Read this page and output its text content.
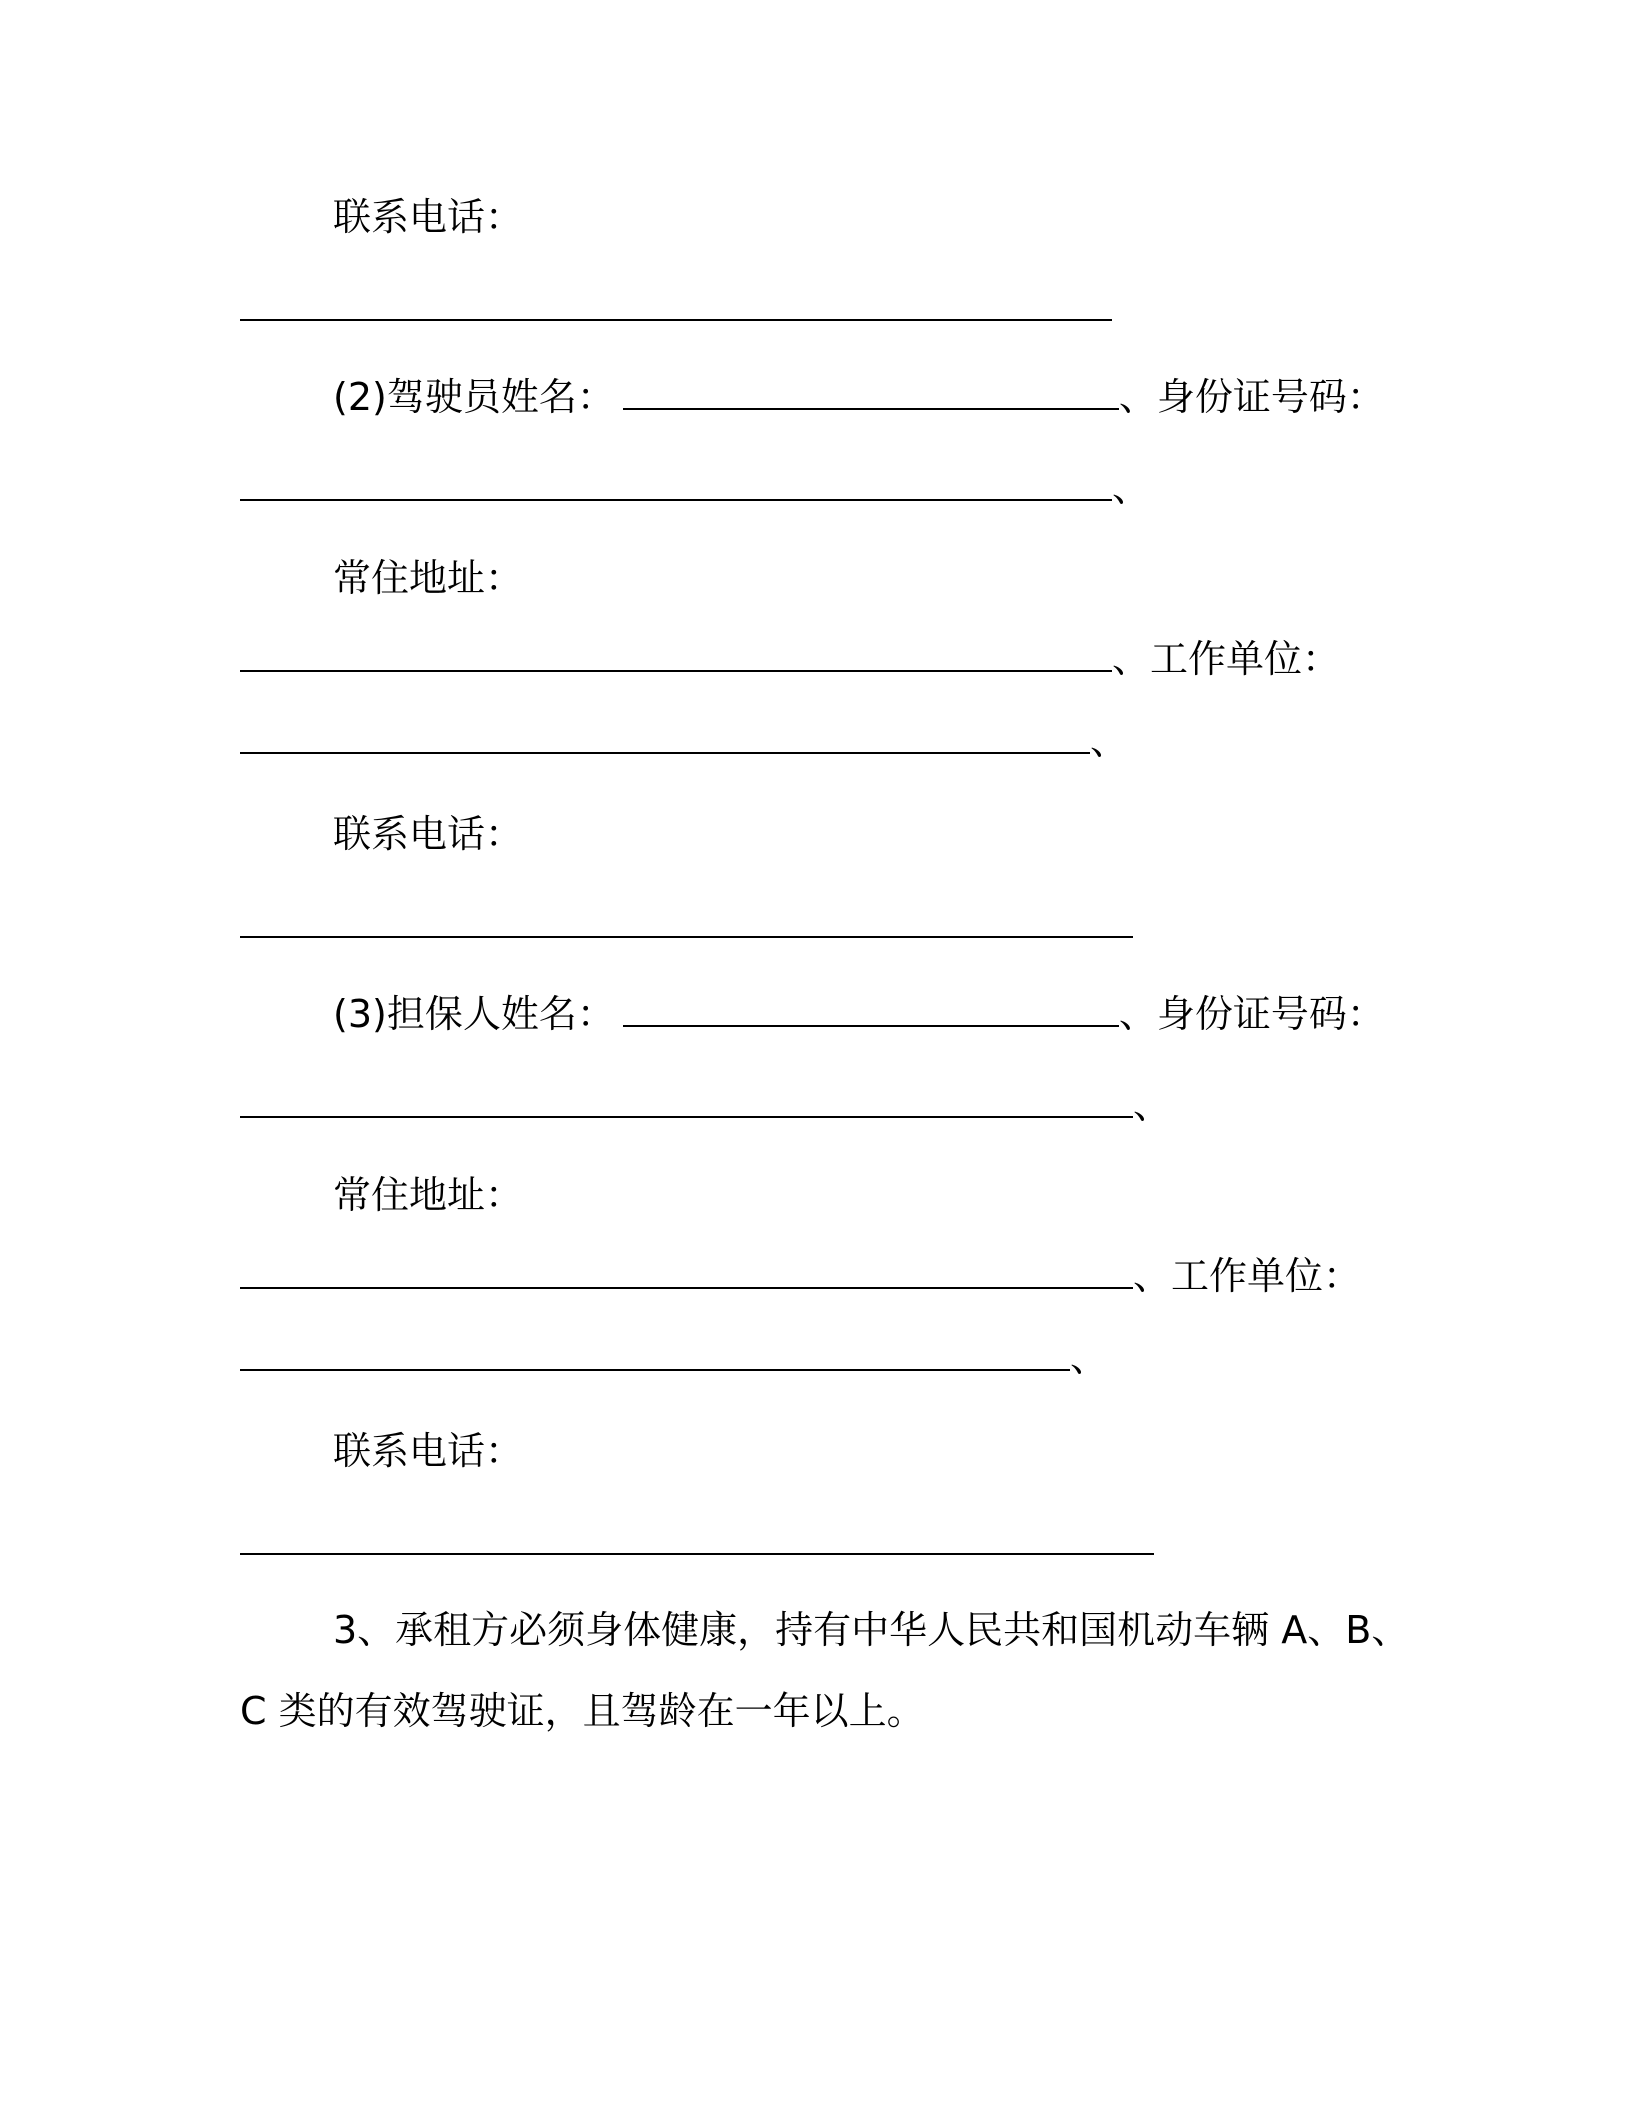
联系电话：
(2)驾驶员姓名：	、身份证号码：
、
常住地址：
、工作单位：
、
联系电话：
(3)担保人姓名：	、身份证号码：
、
常住地址：
、工作单位：
、
联系电话：
3、承租方必须身体健康，持有中华人民共和国机动车辆 A、B、
C 类的有效驾驶证，且驾龄在一年以上。
